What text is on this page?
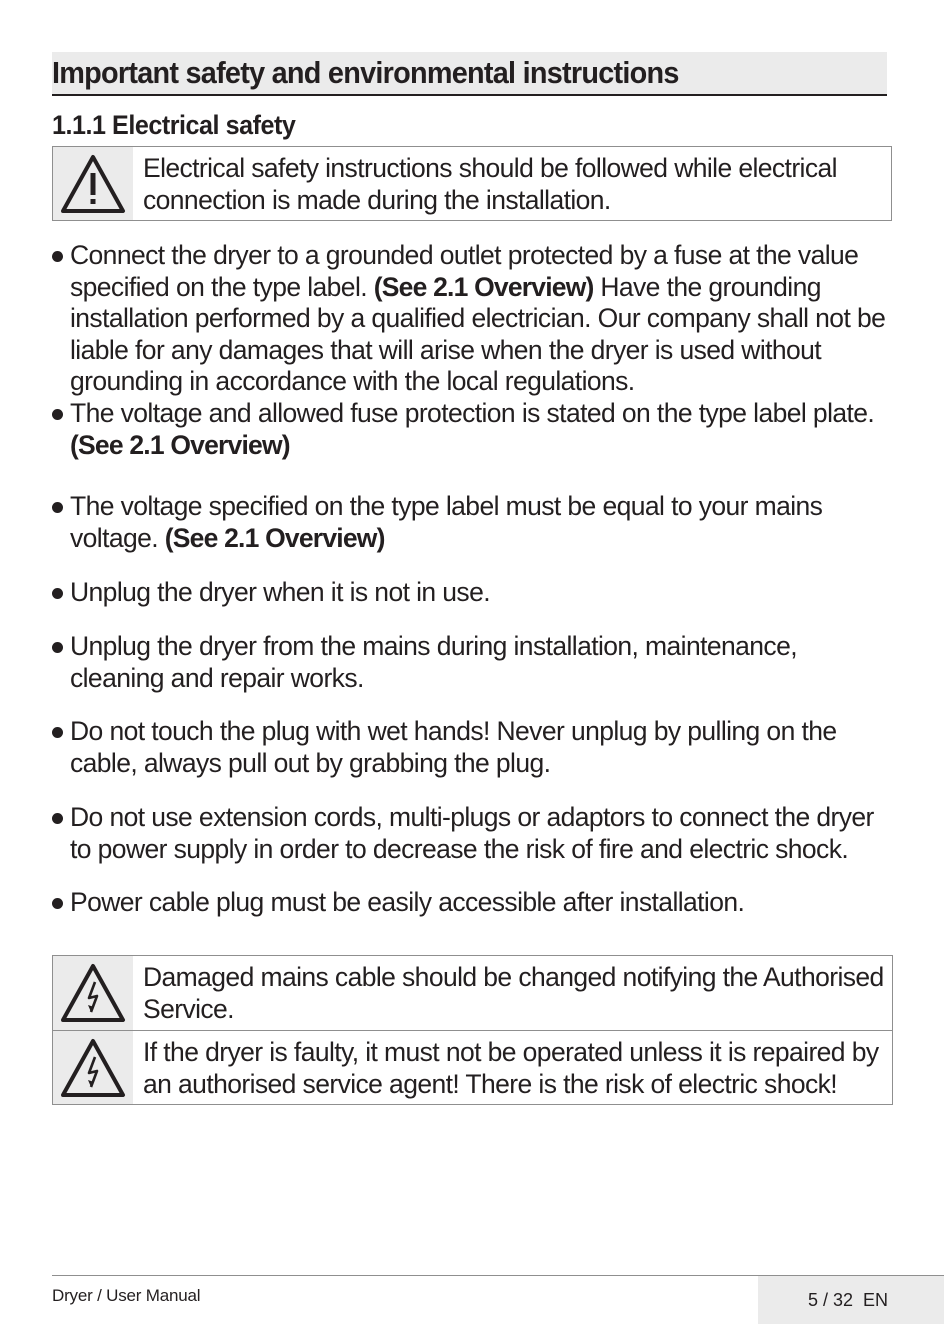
Important safety and environmental instructions
1.1.1 Electrical safety
Electrical safety instructions should be followed while electrical connection is made during the installation.
Connect the dryer to a grounded outlet protected by a fuse at the value specified on the type label. (See 2.1 Overview) Have the grounding installation performed by a qualified electrician. Our company shall not be liable for any damages that will arise when the dryer is used without grounding in accordance with the local regulations.
The voltage and allowed fuse protection is stated on the type label plate. (See 2.1 Overview)
The voltage specified on the type label must be equal to your mains voltage. (See 2.1 Overview)
Unplug the dryer when it is not in use.
Unplug the dryer from the mains during installation, maintenance, cleaning and repair works.
Do not touch the plug with wet hands! Never unplug by pulling on the cable, always pull out by grabbing the plug.
Do not use extension cords, multi-plugs or adaptors to connect the dryer to power supply in order to decrease the risk of fire and electric shock.
Power cable plug must be easily accessible after installation.
Damaged mains cable should be changed notifying the Authorised Service.
If the dryer is faulty, it must not be operated unless it is repaired by an authorised service agent! There is the risk of electric shock!
Dryer / User Manual	5 / 32 EN
